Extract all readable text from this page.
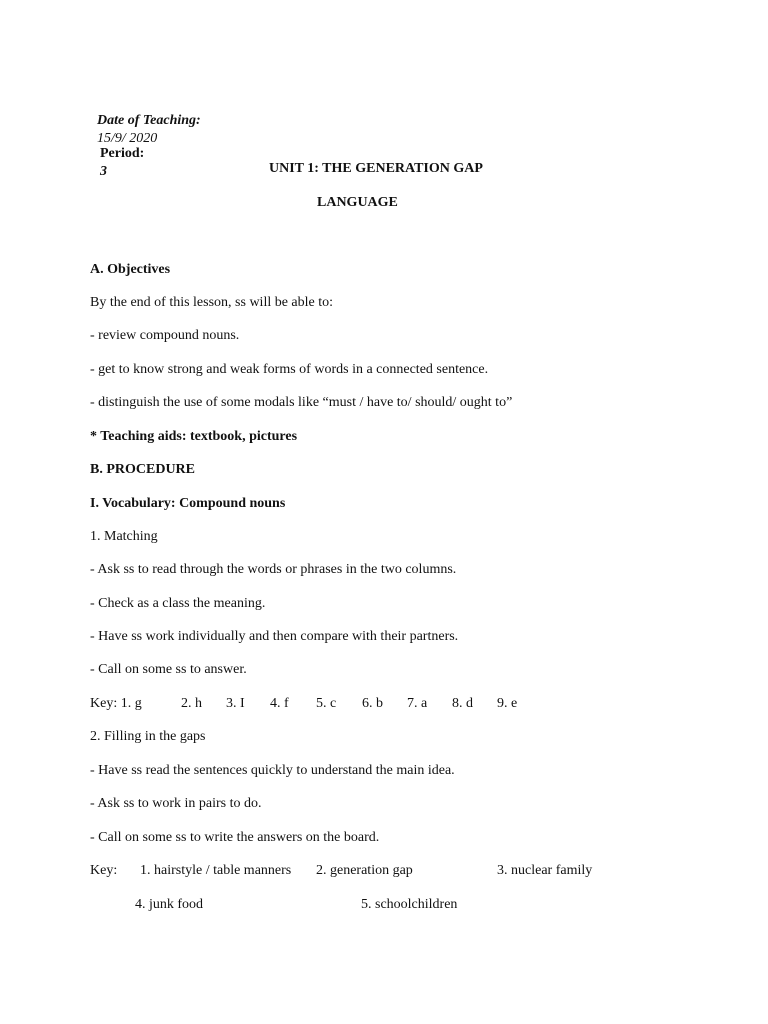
Date of Teaching:
15/9/ 2020

Period:
3	UNIT 1: THE GENERATION GAP
LANGUAGE
A. Objectives
By the end of this lesson, ss will be able to:
- review compound nouns.
- get to know strong and weak forms of words in a connected sentence.
- distinguish the use of some modals like “must / have to/ should/ ought to”
* Teaching aids: textbook, pictures
B. PROCEDURE
I. Vocabulary: Compound nouns
1. Matching
- Ask ss to read through the words or phrases in the two columns.
- Check as a class the meaning.
- Have ss work individually and then compare with their partners.
- Call on some ss to answer.
Key: 1. g	2. h 3. I 4. f 5. c 6. b 7. a 8. d 9. e
2. Filling in the gaps
- Have ss read the sentences quickly to understand the main idea.
- Ask ss to work in pairs to do.
- Call on some ss to write the answers on the board.
Key: 1. hairstyle / table manners 2. generation gap	3. nuclear family
4. junk food	5. schoolchildren
